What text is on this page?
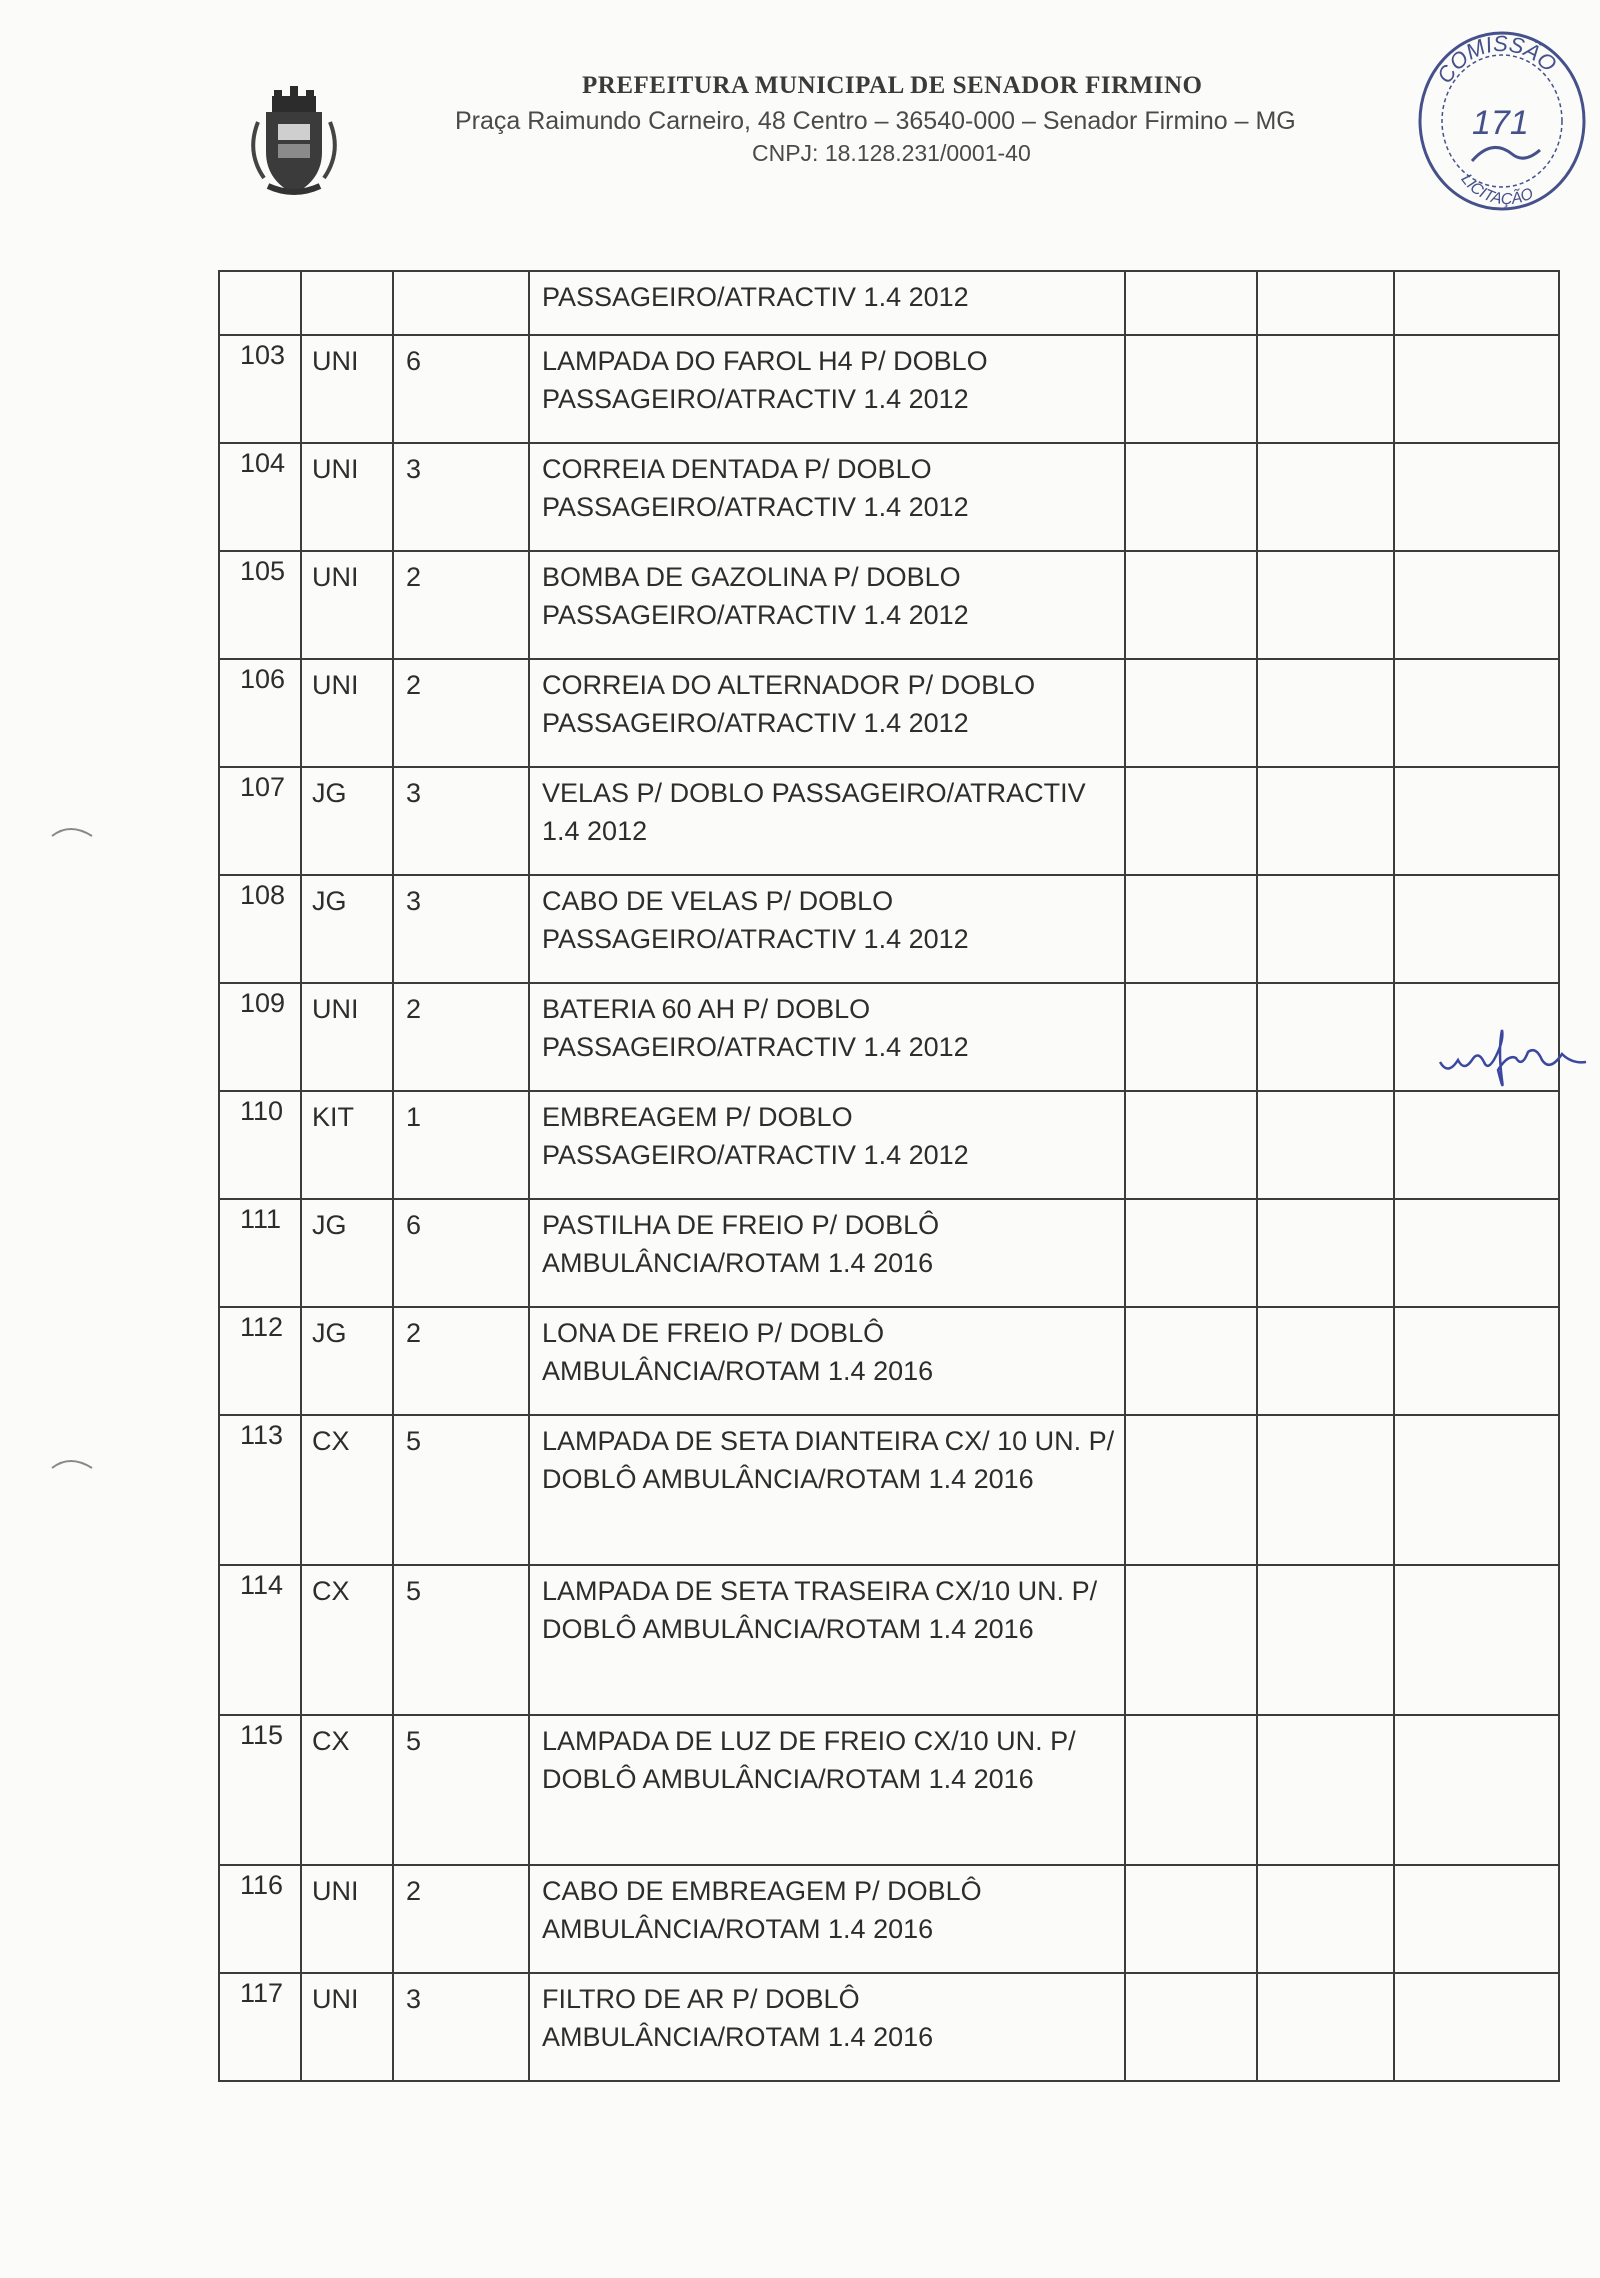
PREFEITURA MUNICIPAL DE SENADOR FIRMINO
Praça Raimundo Carneiro, 48 Centro – 36540-000 – Senador Firmino – MG
CNPJ: 18.128.231/0001-40
COMISSÃO
171
LICITAÇÃO
			PASSAGEIRO/ATRACTIV 1.4 2012			
103	UNI	6	LAMPADA DO FAROL H4 P/ DOBLO PASSAGEIRO/ATRACTIV 1.4 2012			
104	UNI	3	CORREIA DENTADA P/ DOBLO PASSAGEIRO/ATRACTIV 1.4 2012			
105	UNI	2	BOMBA DE GAZOLINA P/ DOBLO PASSAGEIRO/ATRACTIV 1.4 2012			
106	UNI	2	CORREIA DO ALTERNADOR P/ DOBLO PASSAGEIRO/ATRACTIV 1.4 2012			
107	JG	3	VELAS P/ DOBLO PASSAGEIRO/ATRACTIV 1.4 2012			
108	JG	3	CABO DE VELAS P/ DOBLO PASSAGEIRO/ATRACTIV 1.4 2012			
109	UNI	2	BATERIA 60 AH P/ DOBLO PASSAGEIRO/ATRACTIV 1.4 2012			
110	KIT	1	EMBREAGEM P/ DOBLO PASSAGEIRO/ATRACTIV 1.4 2012			
111	JG	6	PASTILHA DE FREIO P/ DOBLÔ AMBULÂNCIA/ROTAM 1.4 2016			
112	JG	2	LONA DE FREIO P/ DOBLÔ AMBULÂNCIA/ROTAM 1.4 2016			
113	CX	5	LAMPADA DE SETA DIANTEIRA CX/ 10 UN. P/ DOBLÔ AMBULÂNCIA/ROTAM 1.4 2016			
114	CX	5	LAMPADA DE SETA TRASEIRA CX/10 UN. P/ DOBLÔ AMBULÂNCIA/ROTAM 1.4 2016			
115	CX	5	LAMPADA DE LUZ DE FREIO CX/10 UN. P/ DOBLÔ AMBULÂNCIA/ROTAM 1.4 2016			
116	UNI	2	CABO DE EMBREAGEM P/ DOBLÔ AMBULÂNCIA/ROTAM 1.4 2016			
117	UNI	3	FILTRO DE AR P/ DOBLÔ AMBULÂNCIA/ROTAM 1.4 2016			
